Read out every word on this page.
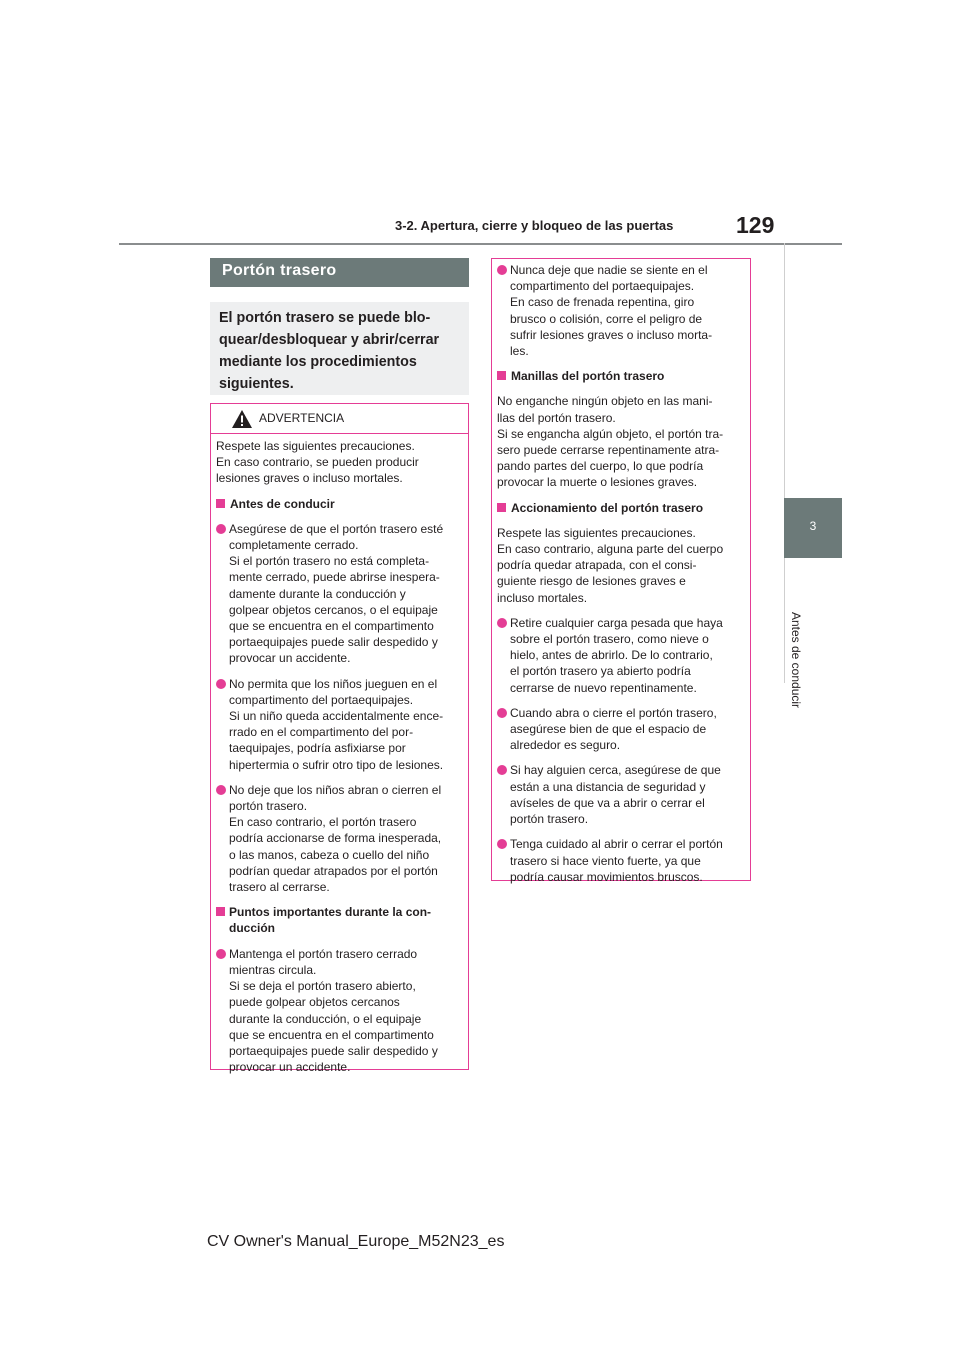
3-2. Apertura, cierre y bloqueo de las puertas	129
3
Antes de conducir
Portón trasero

El portón trasero se puede blo-
quear/desbloquear y abrir/cerrar
mediante los procedimientos
siguientes.

ADVERTENCIA

Respete las siguientes precauciones.
En caso contrario, se pueden producir
lesiones graves o incluso mortales.

Antes de conducir

Asegúrese de que el portón trasero esté
completamente cerrado.
Si el portón trasero no está completa-
mente cerrado, puede abrirse inespera-
damente durante la conducción y
golpear objetos cercanos, o el equipaje
que se encuentra en el compartimento
portaequipajes puede salir despedido y
provocar un accidente.
No permita que los niños jueguen en el
compartimento del portaequipajes.
Si un niño queda accidentalmente ence-
rrado en el compartimento del por-
taequipajes, podría asfixiarse por
hipertermia o sufrir otro tipo de lesiones.
No deje que los niños abran o cierren el
portón trasero.
En caso contrario, el portón trasero
podría accionarse de forma inesperada,
o las manos, cabeza o cuello del niño
podrían quedar atrapados por el portón
trasero al cerrarse.
Puntos importantes durante la con-
ducción
Mantenga el portón trasero cerrado
mientras circula.
Si se deja el portón trasero abierto,
puede golpear objetos cercanos
durante la conducción, o el equipaje
que se encuentra en el compartimento
portaequipajes puede salir despedido y
provocar un accidente.
Nunca deje que nadie se siente en el
compartimento del portaequipajes.
En caso de frenada repentina, giro
brusco o colisión, corre el peligro de
sufrir lesiones graves o incluso morta-
les.

Manillas del portón trasero

No enganche ningún objeto en las mani-
llas del portón trasero.
Si se engancha algún objeto, el portón tra-
sero puede cerrarse repentinamente atra-
pando partes del cuerpo, lo que podría
provocar la muerte o lesiones graves.

Accionamiento del portón trasero

Respete las siguientes precauciones.
En caso contrario, alguna parte del cuerpo
podría quedar atrapada, con el consi-
guiente riesgo de lesiones graves e
incluso mortales.

Retire cualquier carga pesada que haya
sobre el portón trasero, como nieve o
hielo, antes de abrirlo. De lo contrario,
el portón trasero ya abierto podría
cerrarse de nuevo repentinamente.
Cuando abra o cierre el portón trasero,
asegúrese bien de que el espacio de
alrededor es seguro.
Si hay alguien cerca, asegúrese de que
están a una distancia de seguridad y
avíseles de que va a abrir o cerrar el
portón trasero.
Tenga cuidado al abrir o cerrar el portón
trasero si hace viento fuerte, ya que
podría causar movimientos bruscos.
CV Owner's Manual_Europe_M52N23_es
